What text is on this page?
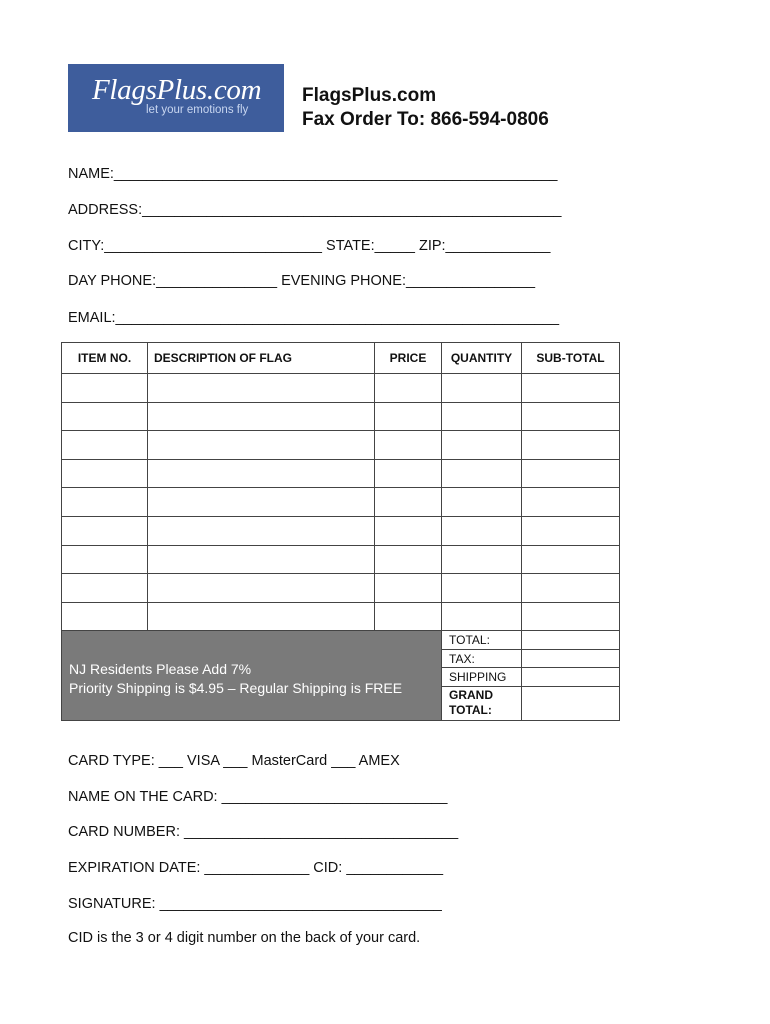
FlagsPlus.com
let your emotions fly
FlagsPlus.com
Fax Order To: 866-594-0806
NAME:_______________________________________________________
ADDRESS:____________________________________________________
CITY:___________________________ STATE:_____ ZIP:_____________
DAY PHONE:_______________ EVENING PHONE:________________
EMAIL:_______________________________________________________
ITEM NO.	DESCRIPTION OF FLAG	PRICE	QUANTITY	SUB-TOTAL

NJ Residents Please Add 7%
Priority Shipping is $4.95 – Regular Shipping is FREE			TOTAL:	
			TAX:	
			SHIPPING	

			GRAND
TOTAL:	

CARD TYPE: ___ VISA ___ MasterCard ___ AMEX
NAME ON THE CARD: ____________________________
CARD NUMBER: __________________________________
EXPIRATION DATE: _____________ CID: ____________
SIGNATURE: ___________________________________
CID is the 3 or 4 digit number on the back of your card.
